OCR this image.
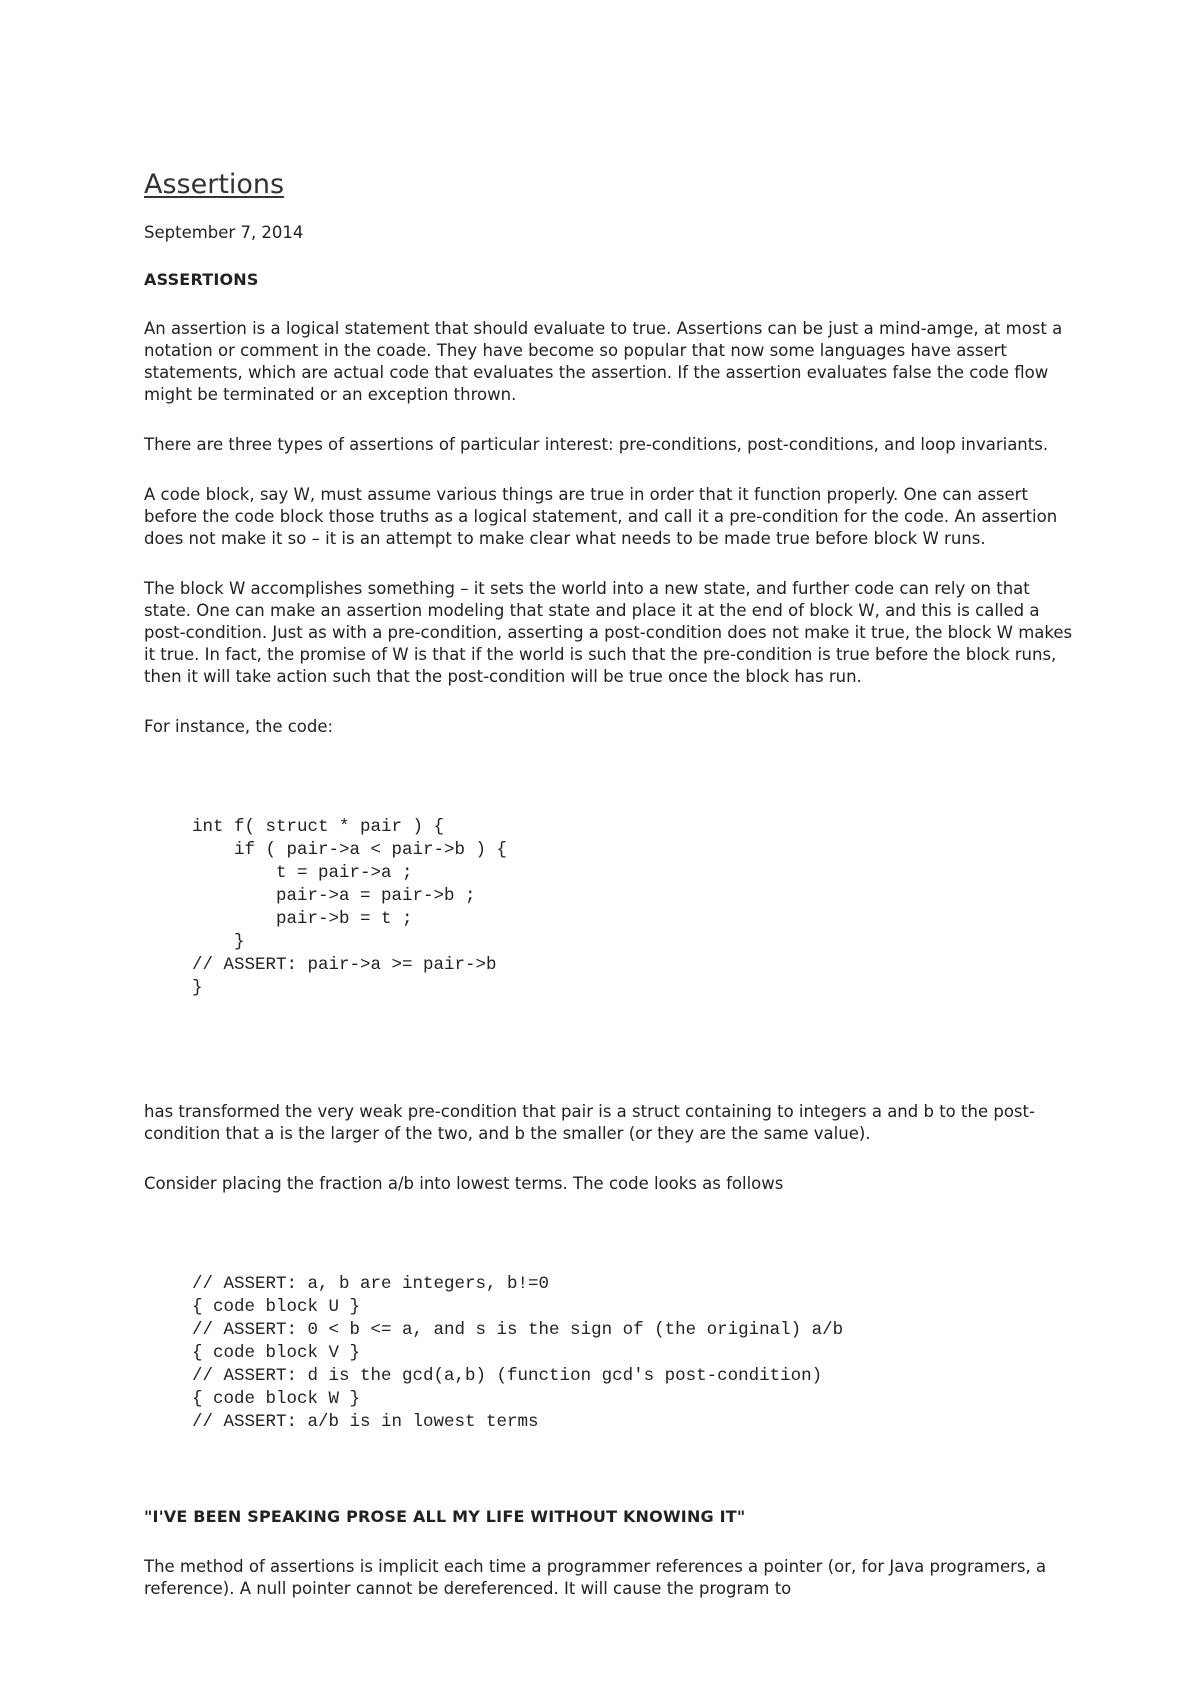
Assertions
September 7, 2014
ASSERTIONS
An assertion is a logical statement that should evaluate to true. Assertions can be just a mind-amge, at most a notation or comment in the coade. They have become so popular that now some languages have assert statements, which are actual code that evaluates the assertion. If the assertion evaluates false the code flow might be terminated or an exception thrown.
There are three types of assertions of particular interest: pre-conditions, post-conditions, and loop invariants.
A code block, say W, must assume various things are true in order that it function properly. One can assert before the code block those truths as a logical statement, and call it a pre-condition for the code. An assertion does not make it so – it is an attempt to make clear what needs to be made true before block W runs.
The block W accomplishes something – it sets the world into a new state, and further code can rely on that state. One can make an assertion modeling that state and place it at the end of block W, and this is called a post-condition. Just as with a pre-condition, asserting a post-condition does not make it true, the block W makes it true. In fact, the promise of W is that if the world is such that the pre-condition is true before the block runs, then it will take action such that the post-condition will be true once the block has run.
For instance, the code:

int f( struct * pair ) {
if ( pair->a < pair->b ) {
t = pair->a ;
pair->a = pair->b ;
pair->b = t ;
}
// ASSERT: pair->a >= pair->b
}

has transformed the very weak pre-condition that pair is a struct containing to integers a and b to the post-condition that a is the larger of the two, and b the smaller (or they are the same value).
Consider placing the fraction a/b into lowest terms. The code looks as follows

// ASSERT: a, b are integers, b!=0
{ code block U }
// ASSERT: 0 < b <= a, and s is the sign of (the original) a/b
{ code block V }
// ASSERT: d is the gcd(a,b) (function gcd's post-condition)
{ code block W }
// ASSERT: a/b is in lowest terms

"I'VE BEEN SPEAKING PROSE ALL MY LIFE WITHOUT KNOWING IT"
The method of assertions is implicit each time a programmer references a pointer (or, for Java programers, a reference). A null pointer cannot be dereferenced. It will cause the program to
